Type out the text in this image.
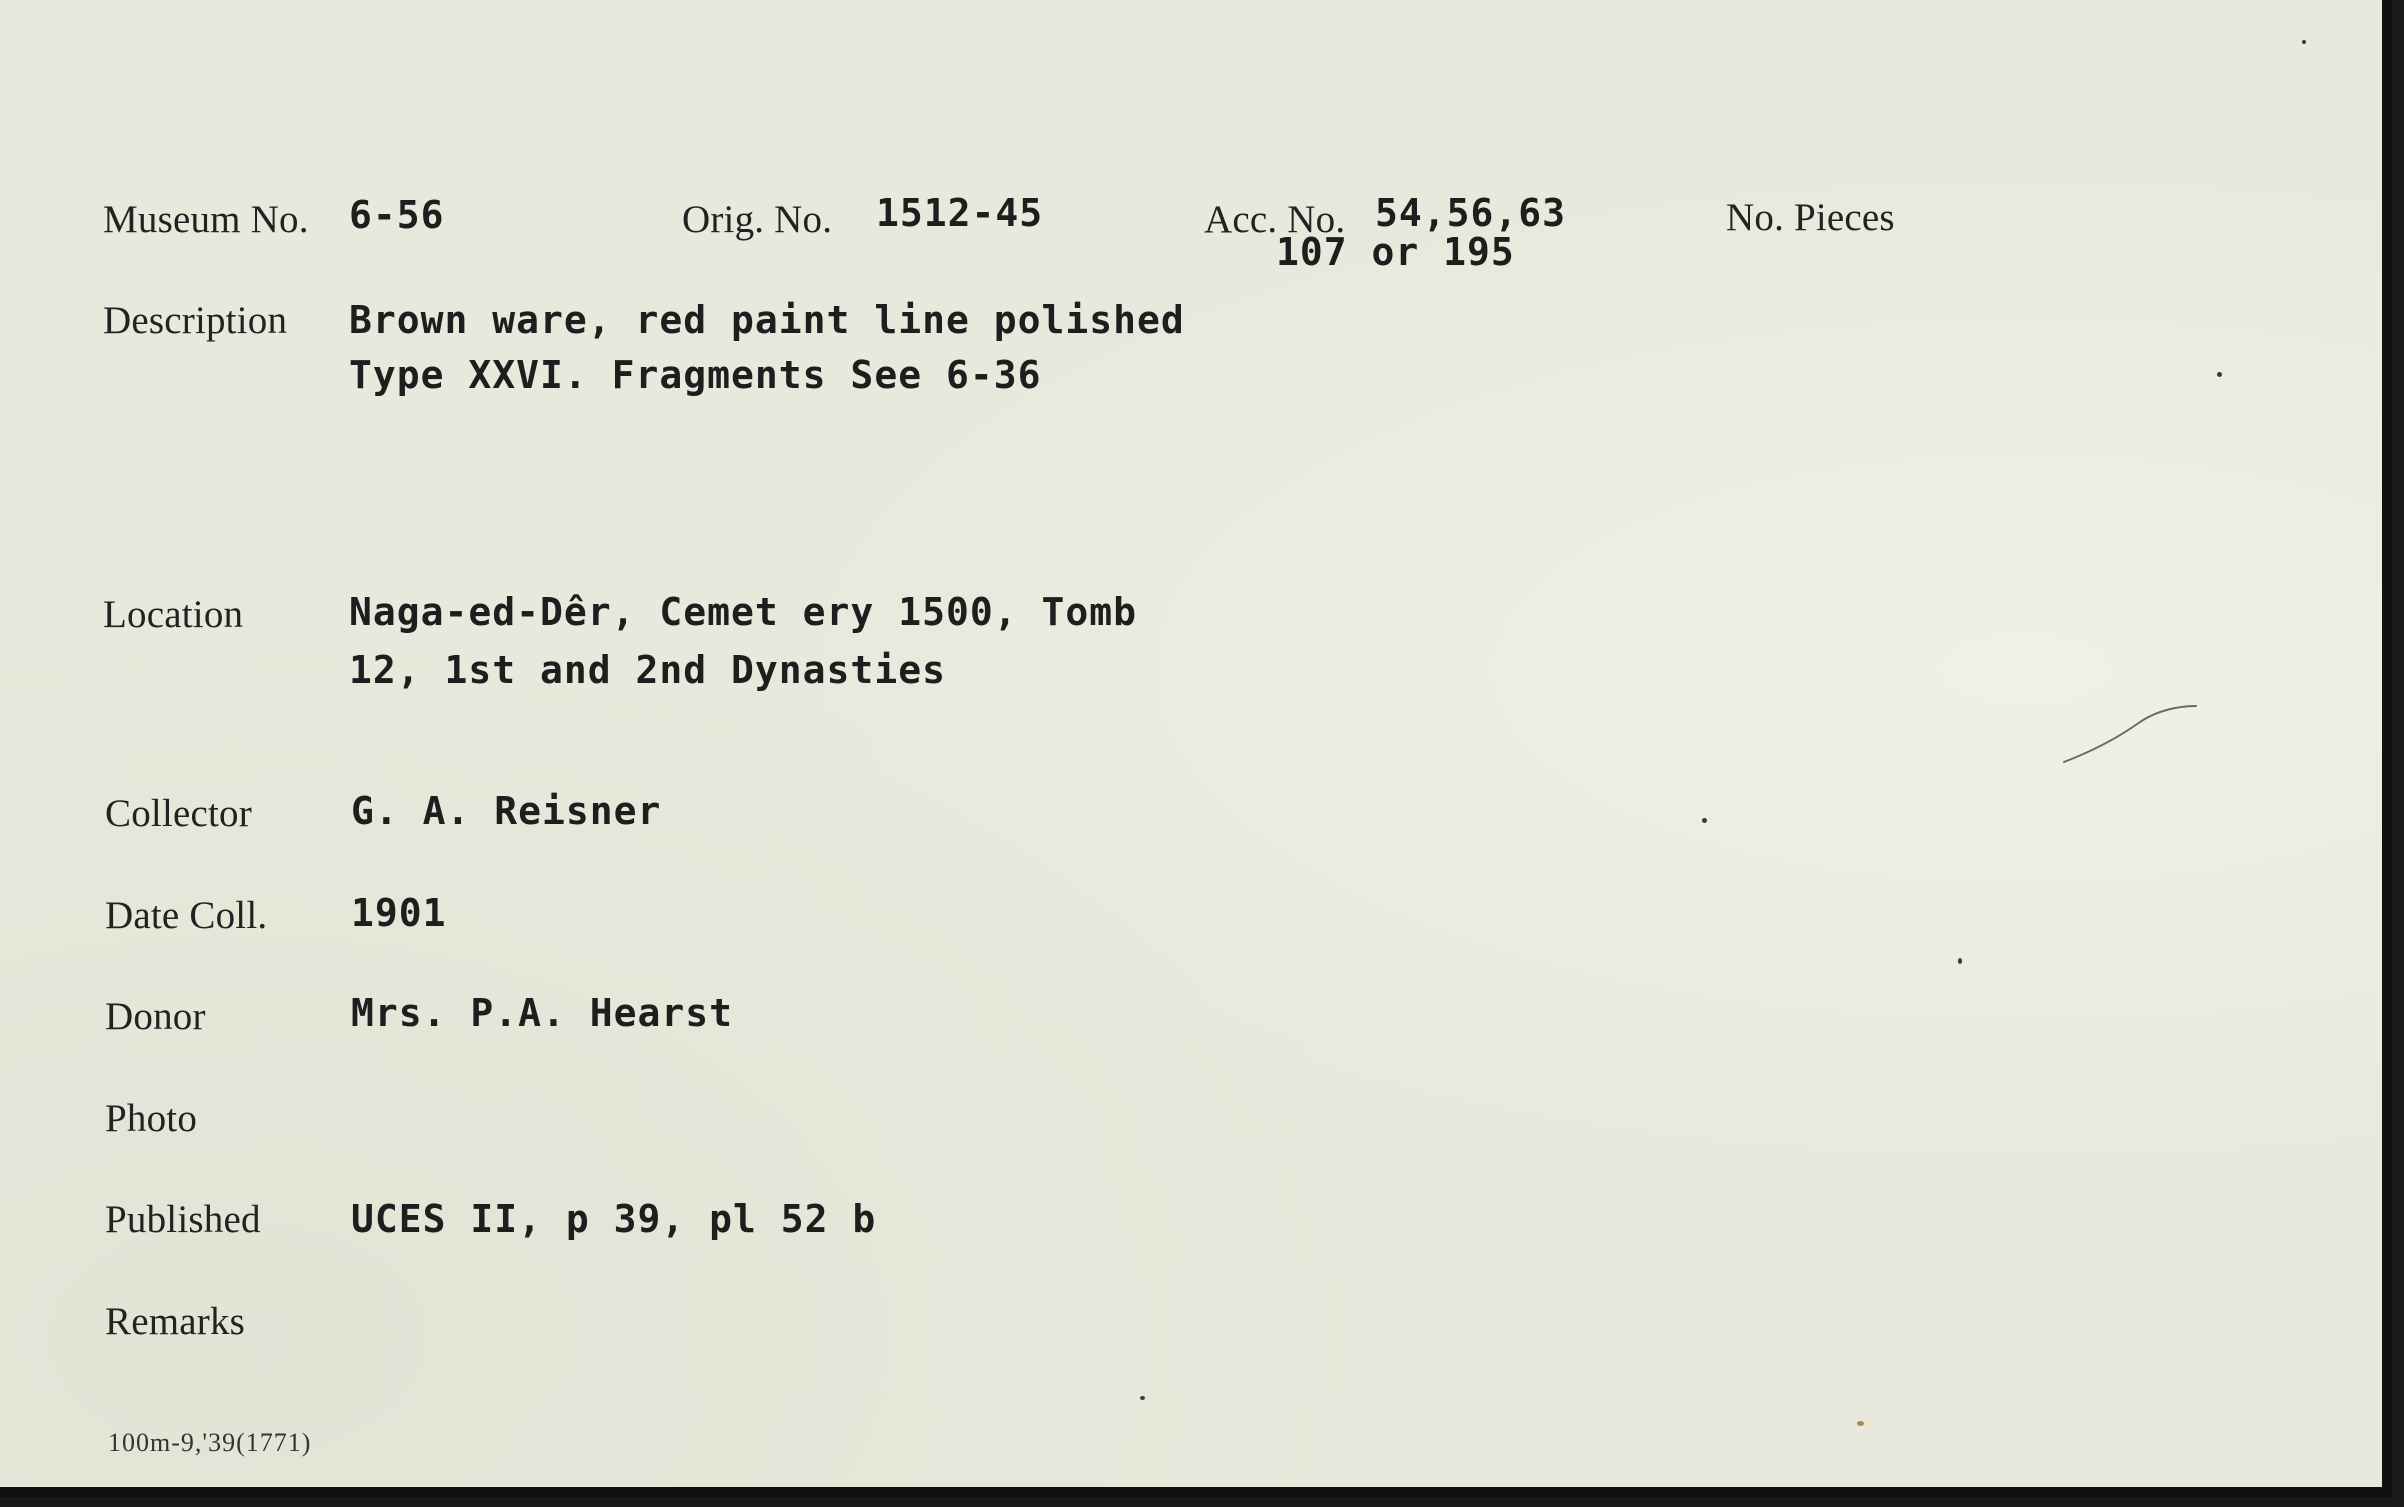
Museum No. 6-56	Orig. No. 1512-45	Acc. No. 54,56,63
107 or 195
No. Pieces
Description Brown ware, red paint line polished
Type XXVI. Fragments See 6-36
Location	Naga-ed-Dêr, Cemet ery 1500, Tomb
12, 1st and 2nd Dynasties
Collector	G. A. Reisner
Date Coll. 1901
Donor	Mrs. P.A. Hearst
Photo
Published UCES II, p 39, pl 52 b
Remarks
100m-9,'39(1771)
